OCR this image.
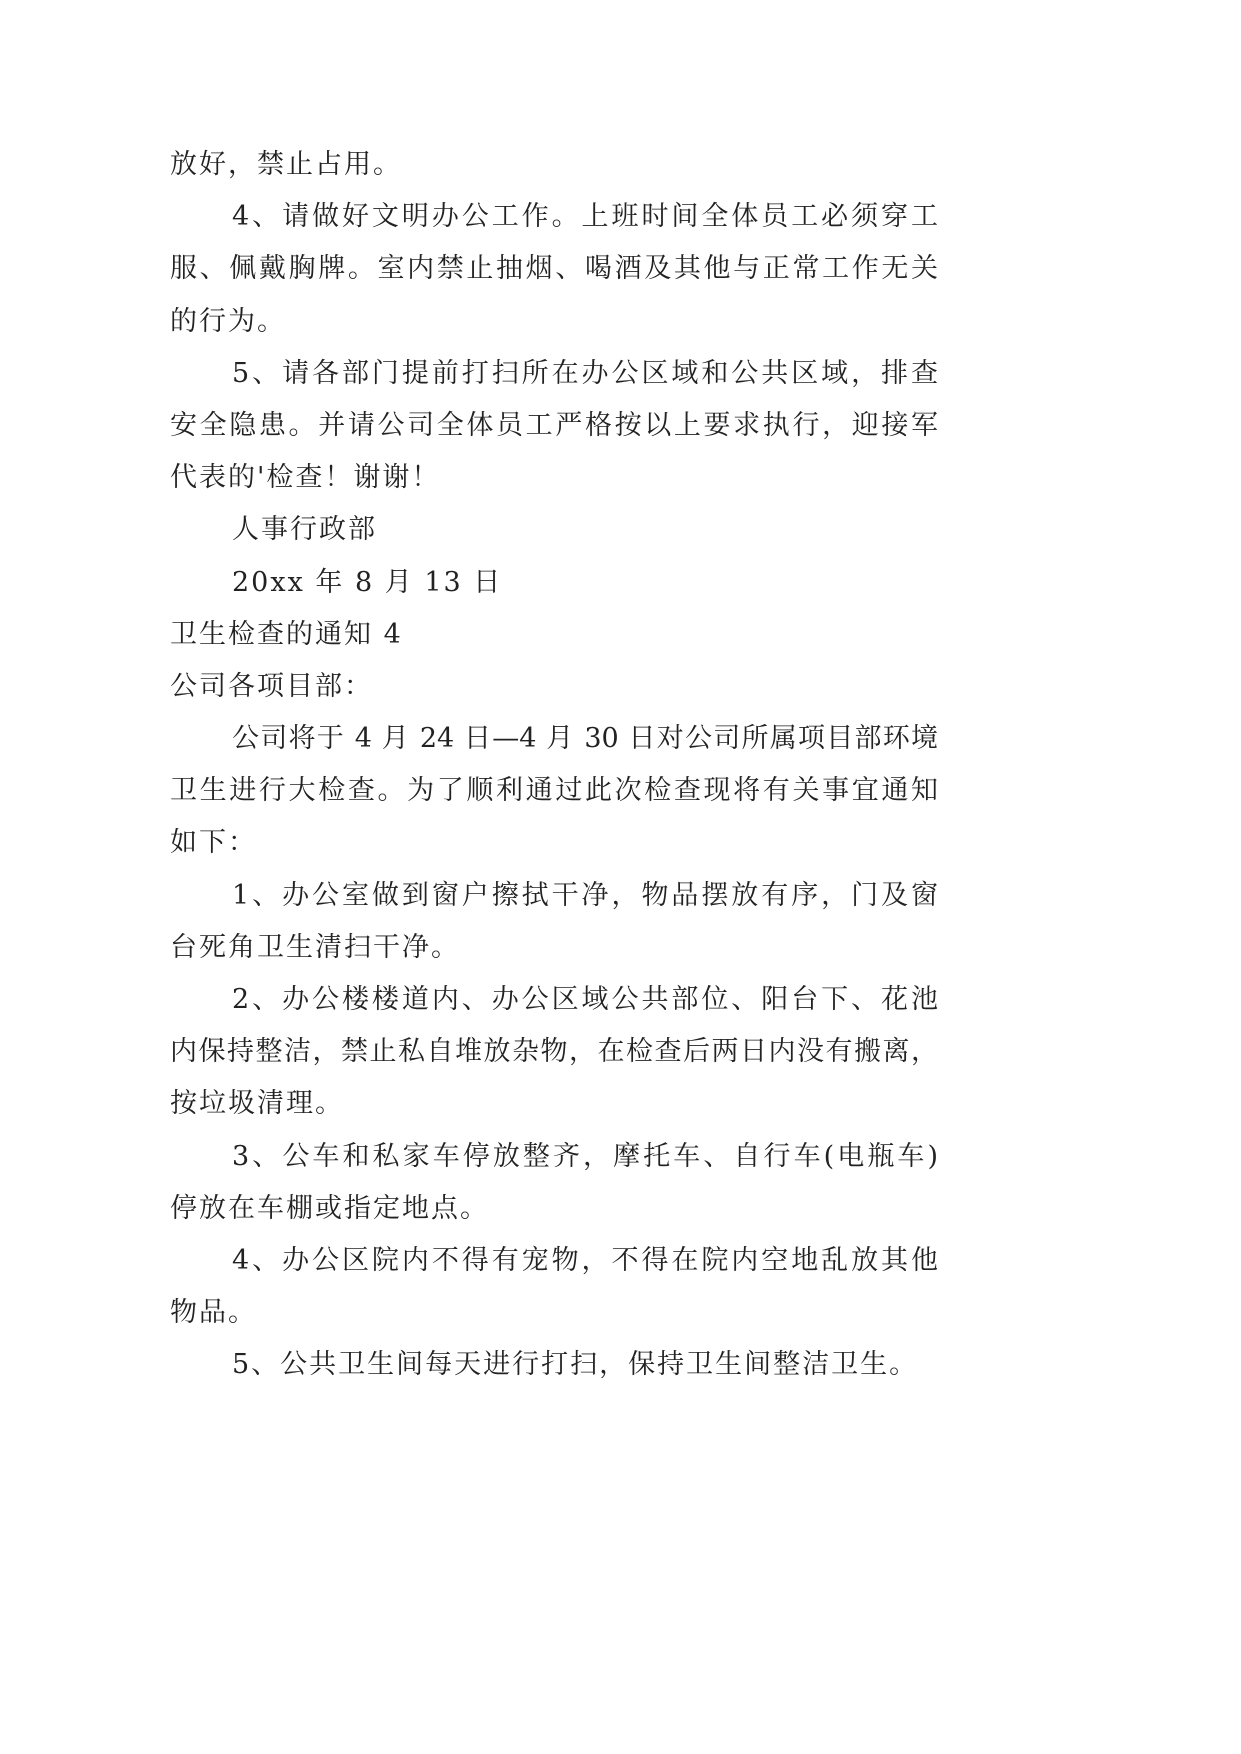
放好，禁止占用。
4、请做好文明办公工作。上班时间全体员工必须穿工
服、佩戴胸牌。室内禁止抽烟、喝酒及其他与正常工作无关
的行为。
5、请各部门提前打扫所在办公区域和公共区域，排查
安全隐患。并请公司全体员工严格按以上要求执行，迎接军
代表的'检查！谢谢！
人事行政部
20xx 年 8 月 13 日
卫生检查的通知 4
公司各项目部：
公司将于 4 月 24 日—4 月 30 日对公司所属项目部环境
卫生进行大检查。为了顺利通过此次检查现将有关事宜通知
如下：
1、办公室做到窗户擦拭干净，物品摆放有序，门及窗
台死角卫生清扫干净。
2、办公楼楼道内、办公区域公共部位、阳台下、花池
内保持整洁，禁止私自堆放杂物，在检查后两日内没有搬离，
按垃圾清理。
3、公车和私家车停放整齐，摩托车、自行车(电瓶车)
停放在车棚或指定地点。
4、办公区院内不得有宠物，不得在院内空地乱放其他
物品。
5、公共卫生间每天进行打扫，保持卫生间整洁卫生。
